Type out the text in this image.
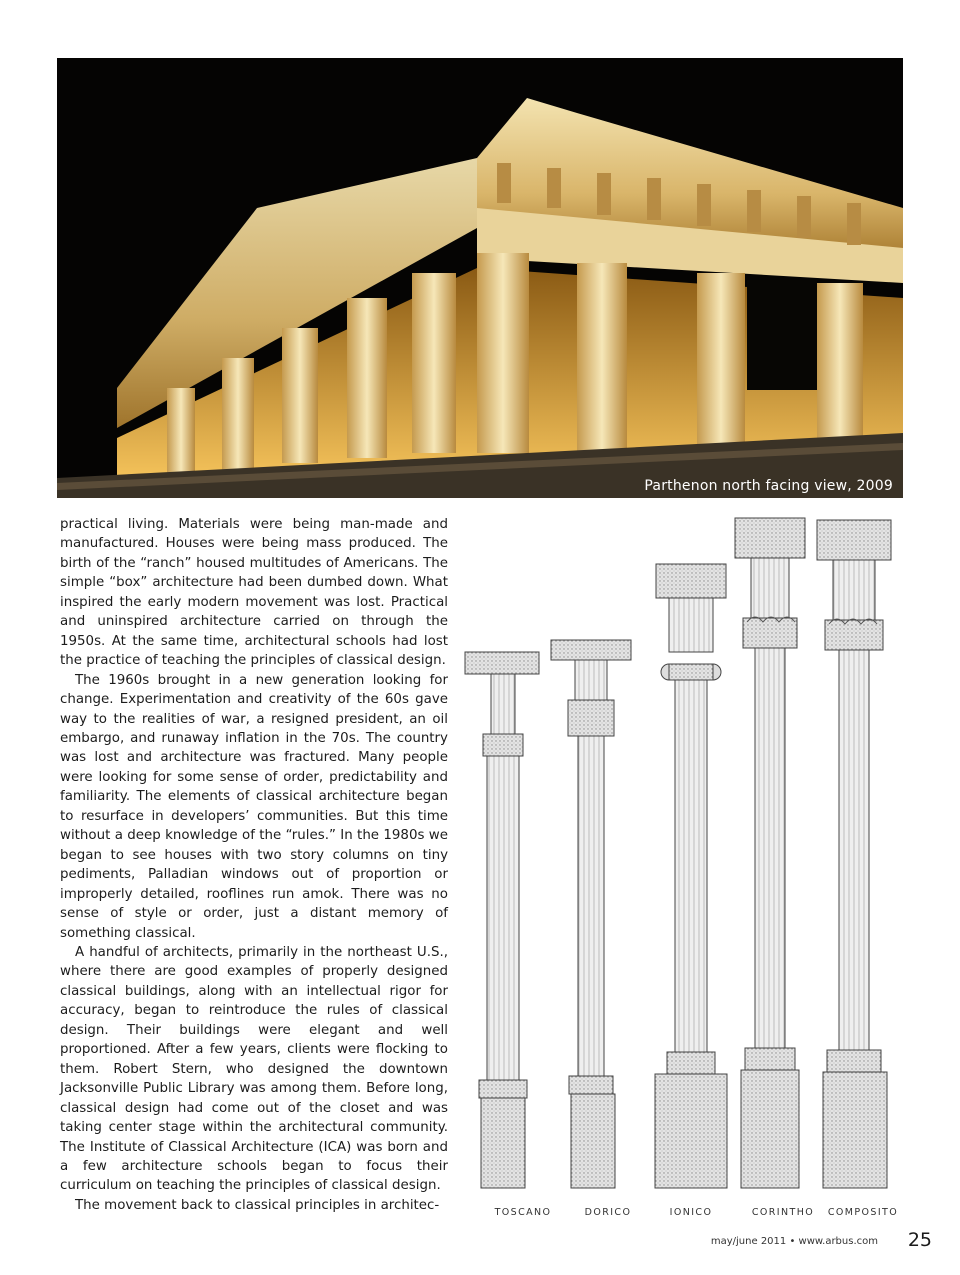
Parthenon north facing view, 2009

practical living. Materials were being man-made and manufactured. Houses were being mass produced. The birth of the “ranch” housed multitudes of Americans. The simple “box” architecture had been dumbed down. What inspired the early modern movement was lost. Practical and uninspired architecture carried on through the 1950s. At the same time, architectural schools had lost the practice of teaching the principles of classical design.

The 1960s brought in a new generation looking for change. Experimentation and creativity of the 60s gave way to the realities of war, a resigned president, an oil embargo, and runaway inflation in the 70s. The country was lost and architecture was fractured. Many people were looking for some sense of order, predictability and familiarity. The elements of classical architecture began to resurface in developers’ communities. But this time without a deep knowledge of the “rules.” In the 1980s we began to see houses with two story columns on tiny pediments, Palladian windows out of proportion or improperly detailed, rooflines run amok. There was no sense of style or order, just a distant memory of something classical.

A handful of architects, primarily in the northeast U.S., where there are good examples of properly designed classical buildings, along with an intellectual rigor for accuracy, began to reintroduce the rules of classical design. Their buildings were elegant and well proportioned. After a few years, clients were flocking to them. Robert Stern, who designed the downtown Jacksonville Public Library was among them. Before long, classical design had come out of the closet and was taking center stage within the architectural community. The Institute of Classical Architecture (ICA) was born and a few architecture schools began to focus their curriculum on teaching the principles of classical design.

The movement back to classical principles in architec-	TOSCANO	DORICO	IONICO	CORINTHO COMPOSITO
may/june 2011 • www.arbus.com 25
